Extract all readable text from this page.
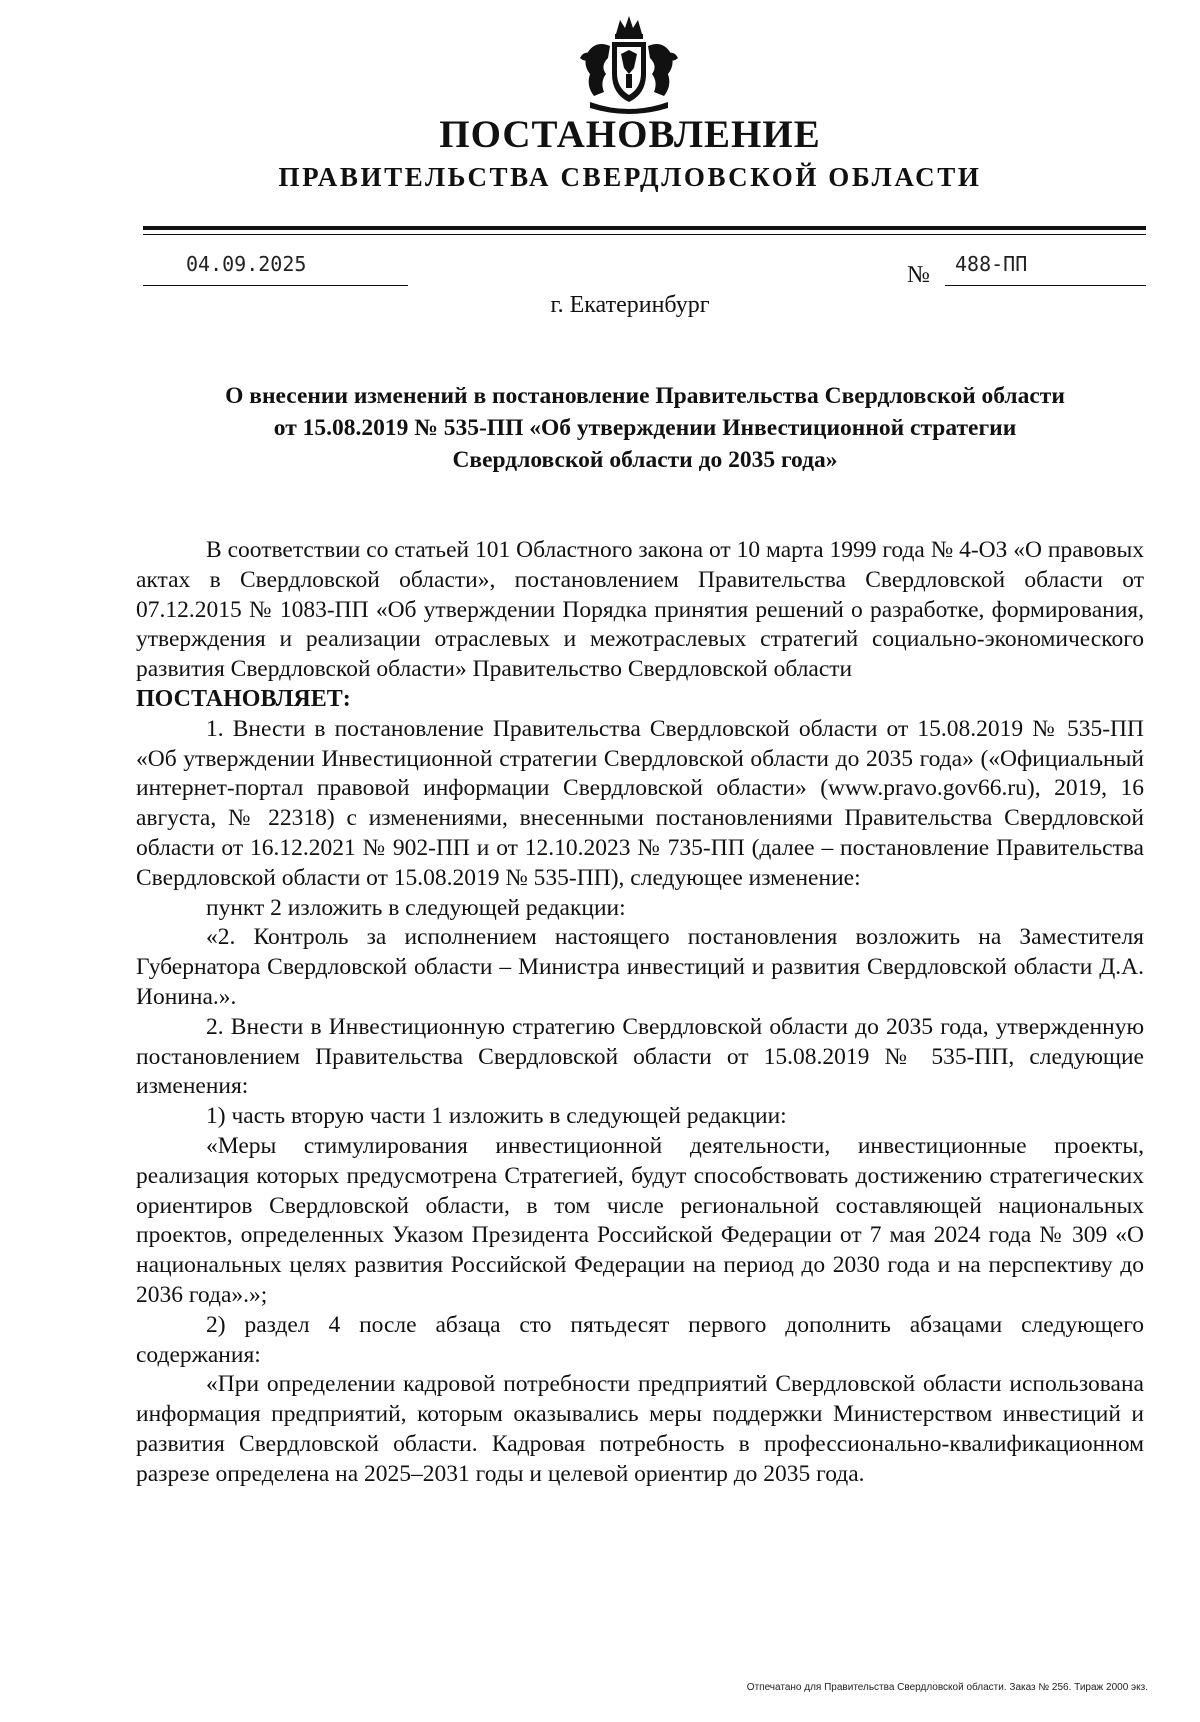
ПОСТАНОВЛЕНИЕ
ПРАВИТЕЛЬСТВА СВЕРДЛОВСКОЙ ОБЛАСТИ
04.09.2025	№ 488-ПП
г. Екатеринбург
О внесении изменений в постановление Правительства Свердловской области
от 15.08.2019 № 535-ПП «Об утверждении Инвестиционной стратегии
Свердловской области до 2035 года»

В соответствии со статьей 101 Областного закона от 10 марта 1999 года № 4-ОЗ «О правовых актах в Свердловской области», постановлением Правительства Свердловской области от 07.12.2015 № 1083-ПП «Об утверждении Порядка принятия решений о разработке, формирования, утверждения и реализации отраслевых и межотраслевых стратегий социально-экономического развития Свердловской области» Правительство Свердловской области

ПОСТАНОВЛЯЕТ:

1. Внести в постановление Правительства Свердловской области от 15.08.2019 № 535-ПП «Об утверждении Инвестиционной стратегии Свердловской области до 2035 года» («Официальный интернет-портал правовой информации Свердловской области» (www.pravo.gov66.ru), 2019, 16 августа, № 22318) с изменениями, внесенными постановлениями Правительства Свердловской области от 16.12.2021 № 902-ПП и от 12.10.2023 № 735-ПП (далее – постановление Правительства Свердловской области от 15.08.2019 № 535-ПП), следующее изменение:

пункт 2 изложить в следующей редакции:

«2. Контроль за исполнением настоящего постановления возложить на Заместителя Губернатора Свердловской области – Министра инвестиций и развития Свердловской области Д.А. Ионина.».

2. Внести в Инвестиционную стратегию Свердловской области до 2035 года, утвержденную постановлением Правительства Свердловской области от 15.08.2019 № 535-ПП, следующие изменения:

1) часть вторую части 1 изложить в следующей редакции:

«Меры стимулирования инвестиционной деятельности, инвестиционные проекты, реализация которых предусмотрена Стратегией, будут способствовать достижению стратегических ориентиров Свердловской области, в том числе региональной составляющей национальных проектов, определенных Указом Президента Российской Федерации от 7 мая 2024 года № 309 «О национальных целях развития Российской Федерации на период до 2030 года и на перспективу до 2036 года».»;

2) раздел 4 после абзаца сто пятьдесят первого дополнить абзацами следующего содержания:

«При определении кадровой потребности предприятий Свердловской области использована информация предприятий, которым оказывались меры поддержки Министерством инвестиций и развития Свердловской области. Кадровая потребность в профессионально-квалификационном разрезе определена на 2025–2031 годы и целевой ориентир до 2035 года.

Отпечатано для Правительства Свердловской области. Заказ № 256. Тираж 2000 экз.
